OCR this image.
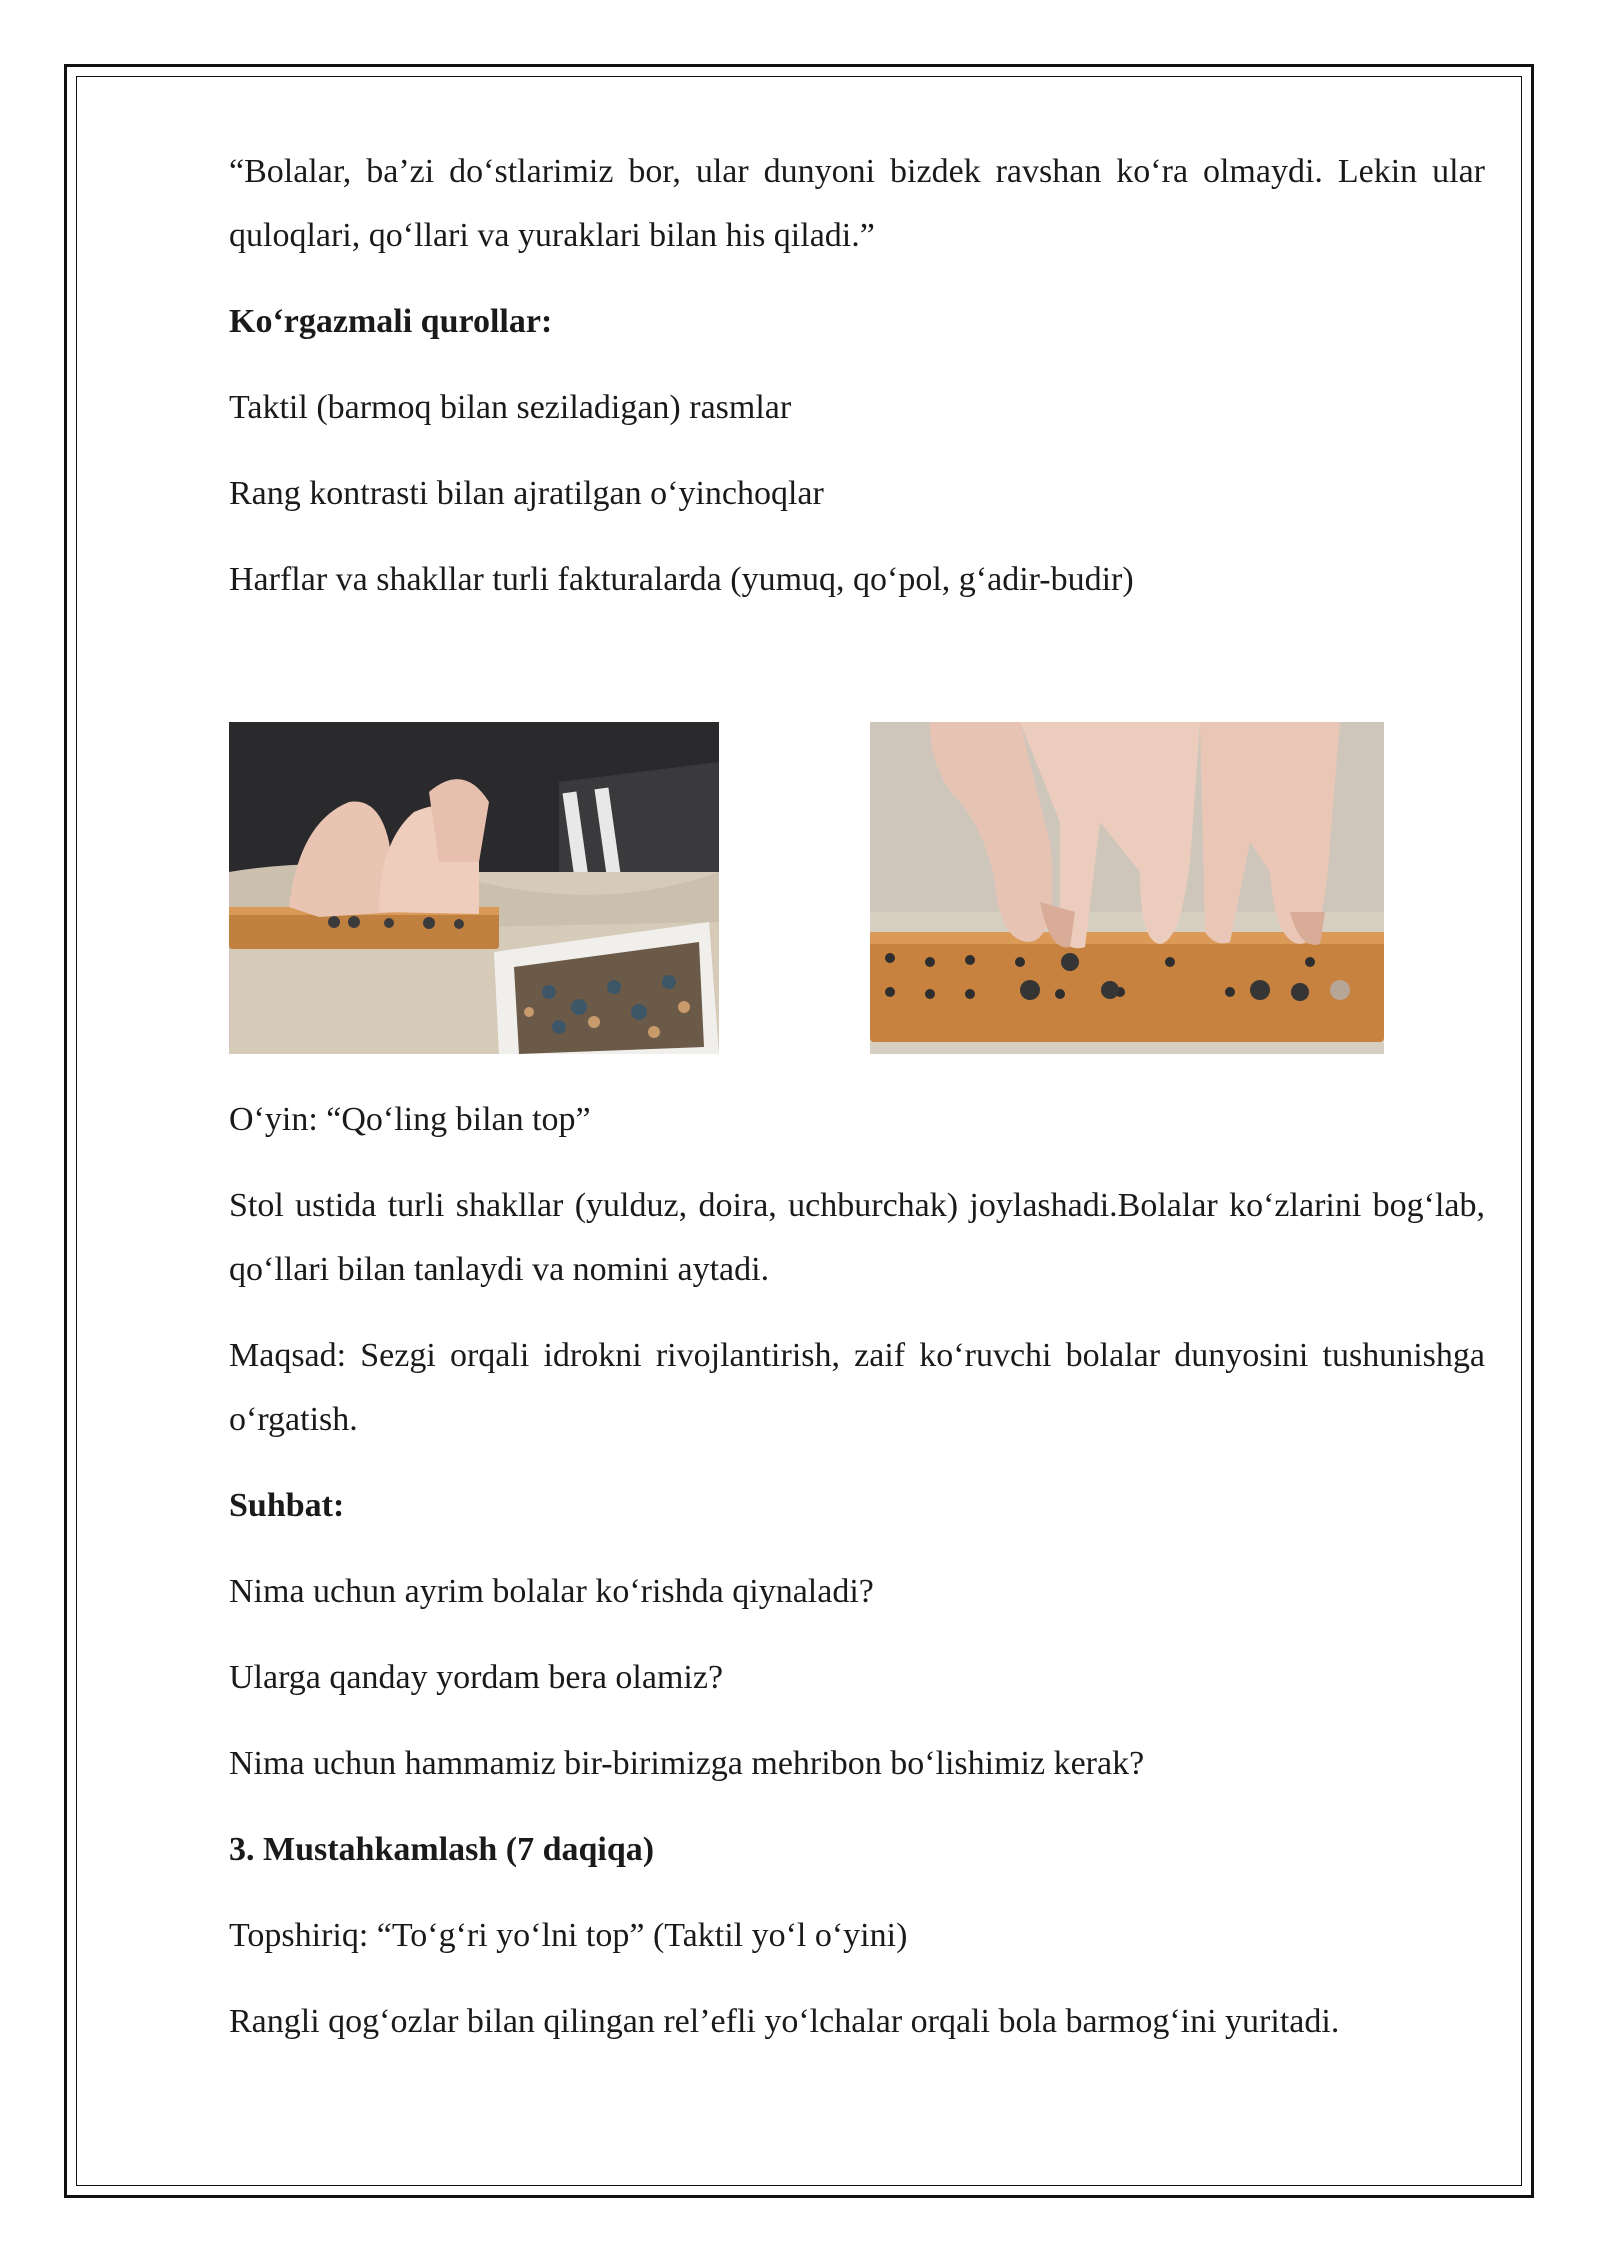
“Bolalar, ba’zi do‘stlarimiz bor, ular dunyoni bizdek ravshan ko‘ra olmaydi. Lekin ular quloqlari, qo‘llari va yuraklari bilan his qiladi.”

Ko‘rgazmali qurollar:

Taktil (barmoq bilan seziladigan) rasmlar

Rang kontrasti bilan ajratilgan o‘yinchoqlar

Harflar va shakllar turli fakturalarda (yumuq, qo‘pol, g‘adir-budir)

O‘yin: “Qo‘ling bilan top”

Stol ustida turli shakllar (yulduz, doira, uchburchak) joylashadi.Bolalar ko‘zlarini bog‘lab, qo‘llari bilan tanlaydi va nomini aytadi.

Maqsad: Sezgi orqali idrokni rivojlantirish, zaif ko‘ruvchi bolalar dunyosini tushunishga o‘rgatish.

Suhbat:

Nima uchun ayrim bolalar ko‘rishda qiynaladi?

Ularga qanday yordam bera olamiz?

Nima uchun hammamiz bir-birimizga mehribon bo‘lishimiz kerak?

3. Mustahkamlash (7 daqiqa)

Topshiriq: “To‘g‘ri yo‘lni top” (Taktil yo‘l o‘yini)

Rangli qog‘ozlar bilan qilingan rel’efli yo‘lchalar orqali bola barmog‘ini yuritadi.
